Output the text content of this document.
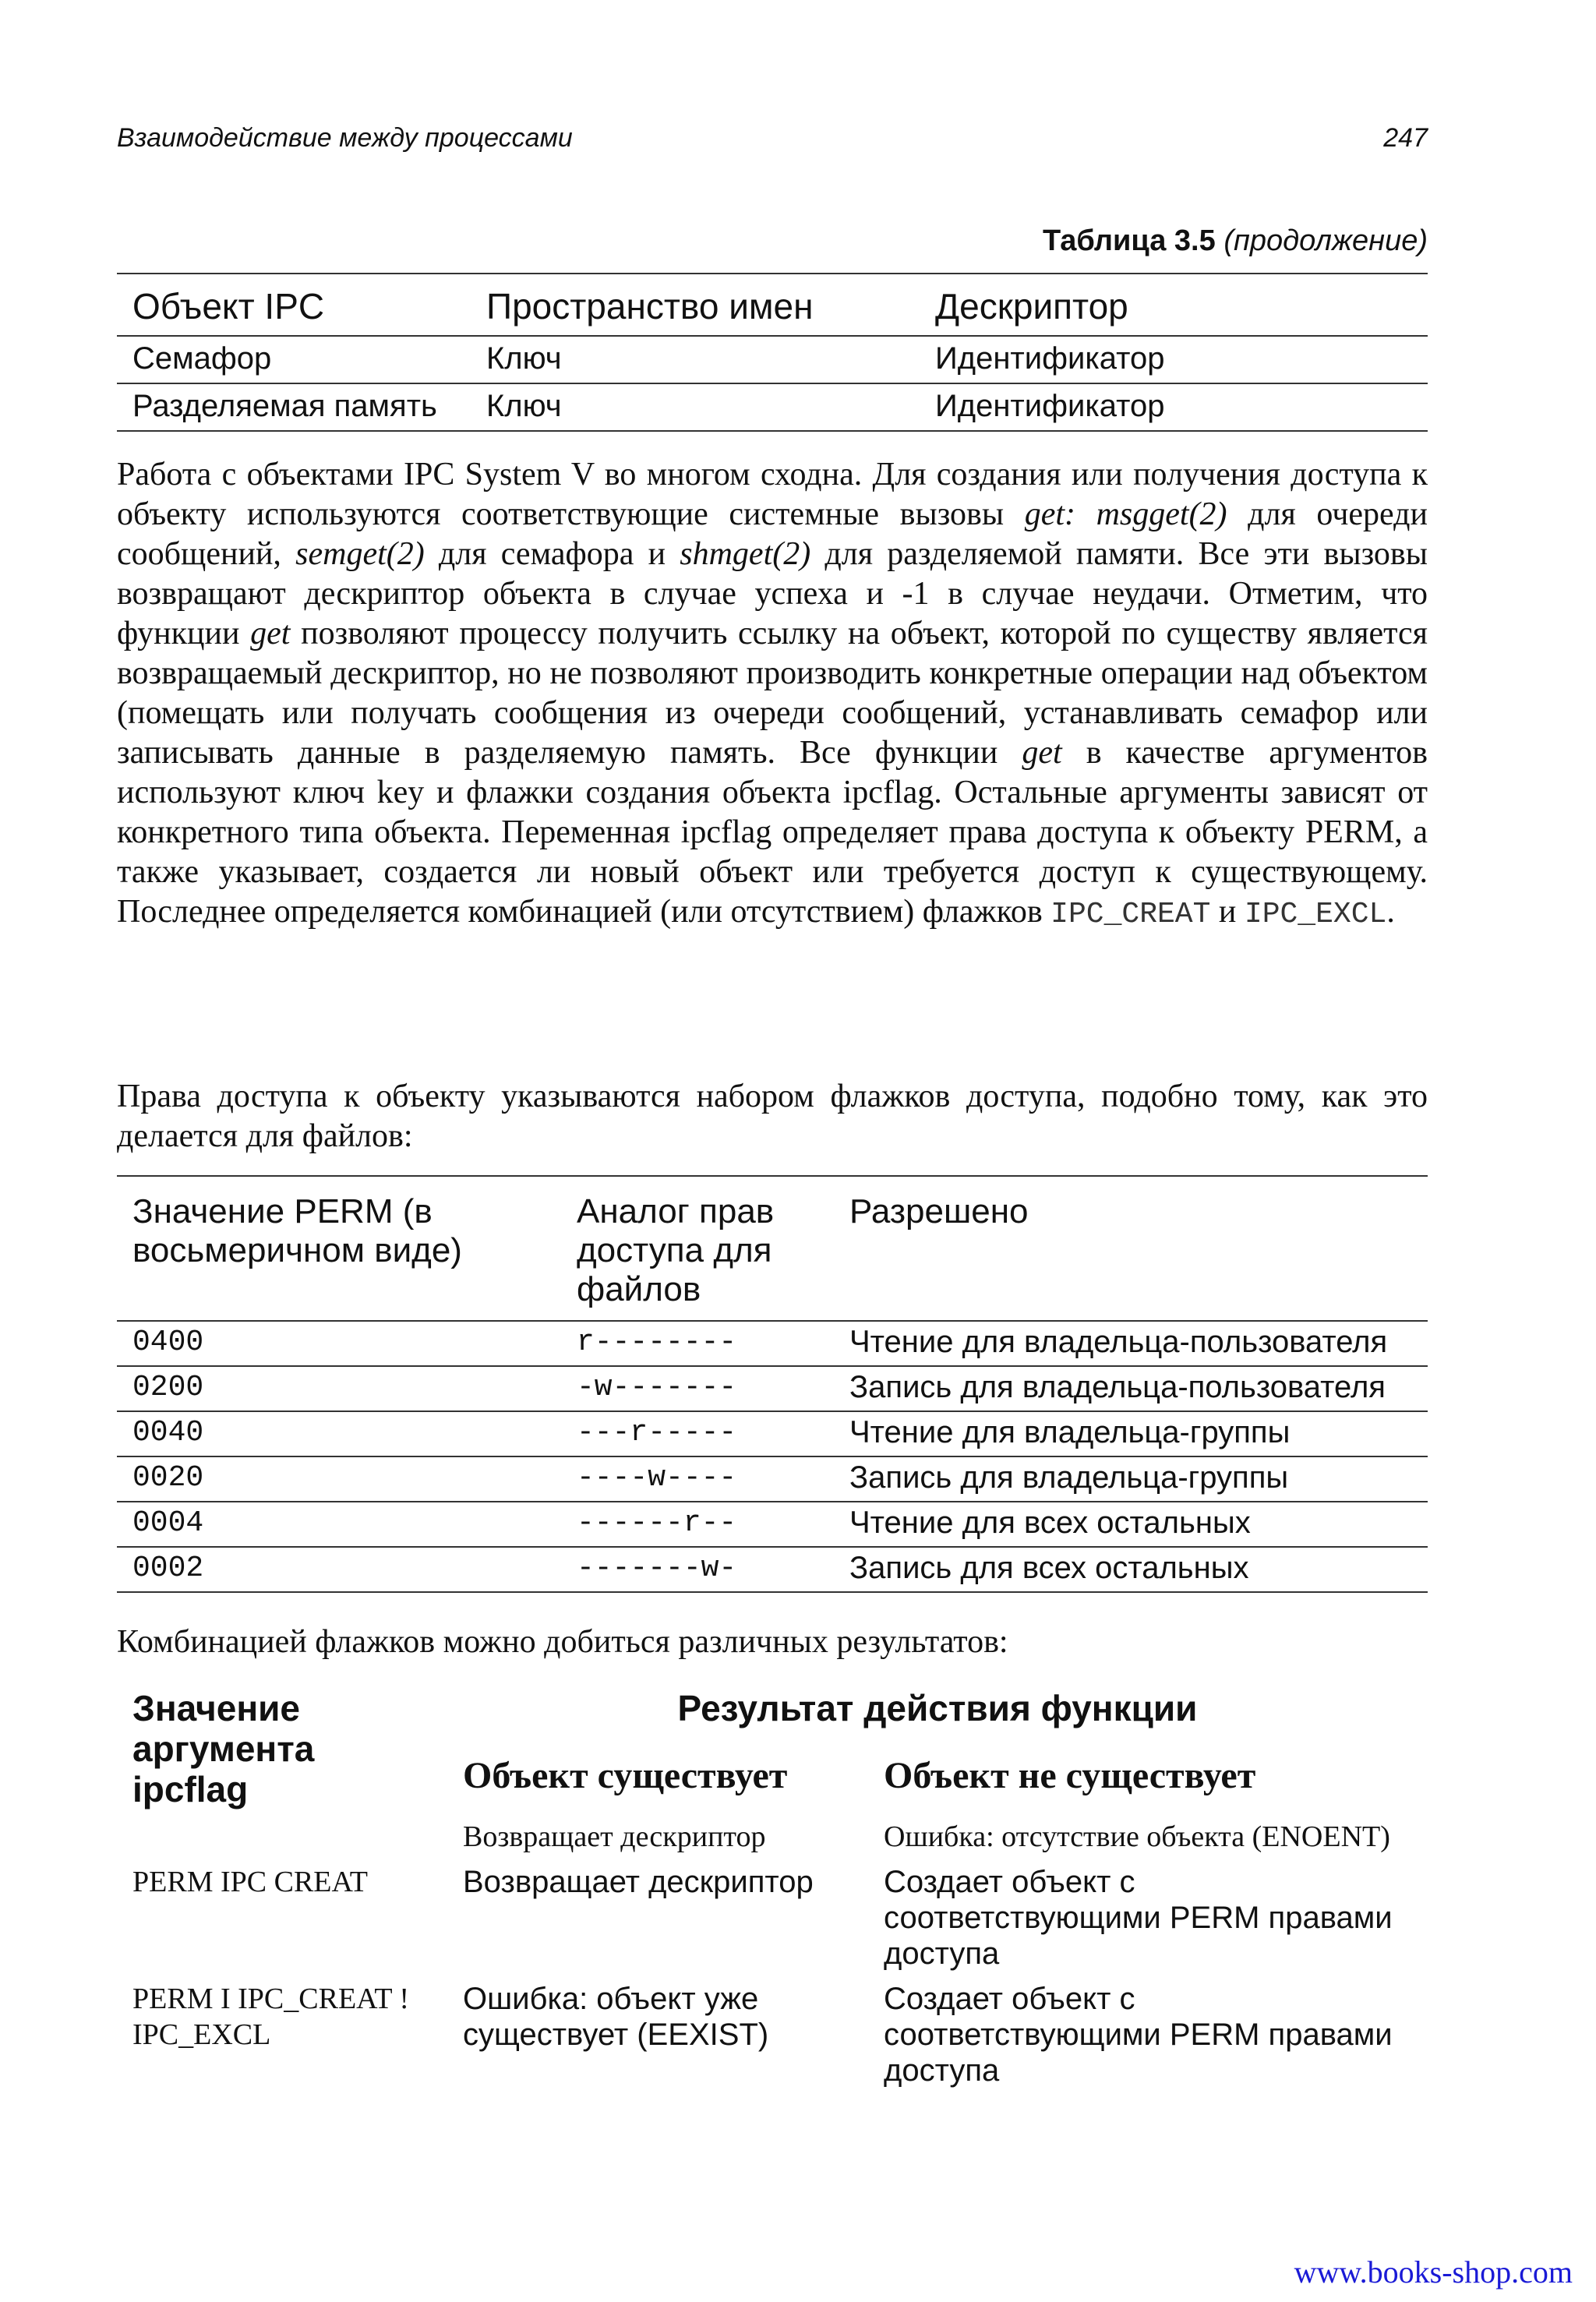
Взаимодействие между процессами	247
Таблица 3.5 (продолжение)
Объект IPC	Пространство имен	Дескриптор
Семафор	Ключ	Идентификатор
Разделяемая память	Ключ	Идентификатор

Работа с объектами IPC System V во многом сходна. Для создания или получения доступа к объекту используются соответствующие системные вызовы get: msgget(2) для очереди сообщений, semget(2) для семафора и shmget(2) для разделяемой памяти. Все эти вызовы возвращают дескриптор объекта в случае успеха и -1 в случае неудачи. Отметим, что функции get позволяют процессу получить ссылку на объект, которой по существу является возвращаемый дескриптор, но не позволяют производить конкретные операции над объектом (помещать или получать сообщения из очереди сообщений, устанавливать семафор или записывать данные в разделяемую память. Все функции get в качестве аргументов используют ключ key и флажки создания объекта ipcflag. Остальные аргументы зависят от конкретного типа объекта. Переменная ipcflag определяет права доступа к объекту PERM, а также указывает, создается ли новый объект или требуется доступ к существующему. Последнее определяется комбинацией (или отсутствием) флажков IPC_CREAT и IPC_EXCL.

Права доступа к объекту указываются набором флажков доступа, подобно тому, как это делается для файлов:

Значение PERM (в восьмеричном виде)	Аналог прав доступа для файлов	Разрешено
0400	r--------	Чтение для владельца-пользователя
0200	-w-------	Запись для владельца-пользователя
0040	---r-----	Чтение для владельца-группы
0020	----w----	Запись для владельца-группы
0004	------r--	Чтение для всех остальных
0002	-------w-	Запись для всех остальных

Комбинацией флажков можно добиться различных результатов:

Значение аргумента ipcflag	Результат действия функции	
	Объект существует	Объект не существует
	Возвращает дескриптор	Ошибка: отсутствие объекта (ENOENT)
PERM IPC CREAT	Возвращает дескриптор	Создает объект с соответствующими PERM правами доступа
PERM I IPC_CREAT ! IPC_EXCL	Ошибка: объект уже существует (EEXIST)	Создает объект с соответствующими PERM правами доступа
www.books-shop.com
